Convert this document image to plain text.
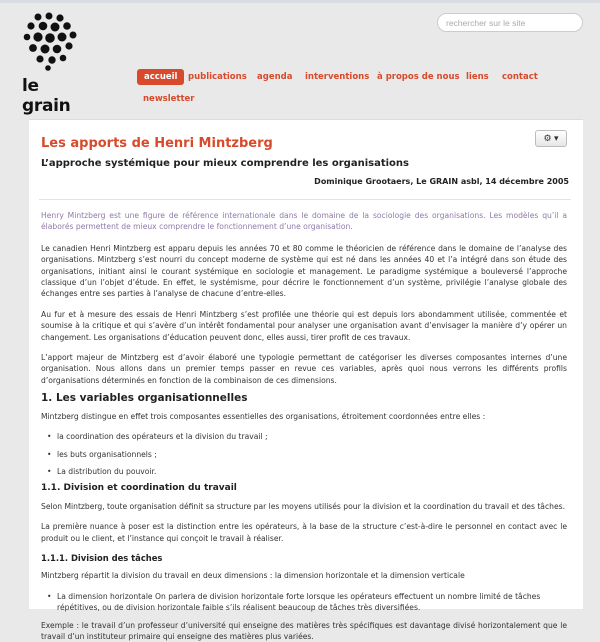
le grain
rechercher sur le site
accueil	publications agenda interventions à propos de nous liens contact
newsletter
Les apports de Henri Mintzberg
L’approche systémique pour mieux comprendre les organisations
Dominique Grootaers, Le GRAIN asbl, 14 décembre 2005
⚙ ▾

Henry Mintzberg est une figure de référence internationale dans le domaine de la sociologie des organisations. Les modèles qu’il a élaborés permettent de mieux comprendre le fonctionnement d’une organisation.

Le canadien Henri Mintzberg est apparu depuis les années 70 et 80 comme le théoricien de référence dans le domaine de l’analyse des organisations. Mintzberg s’est nourri du concept moderne de système qui est né dans les années 40 et l’a intégré dans son étude des organisations, initiant ainsi le courant systémique en sociologie et management. Le paradigme systémique a bouleversé l’approche classique d’un l’objet d’étude. En effet, le systémisme, pour décrire le fonctionnement d’un système, privilégie l’analyse globale des échanges entre ses parties à l’analyse de chacune d’entre-elles.

Au fur et à mesure des essais de Henri Mintzberg s’est profilée une théorie qui est depuis lors abondamment utilisée, commentée et soumise à la critique et qui s’avère d’un intérêt fondamental pour analyser une organisation avant d’envisager la manière d’y opérer un changement. Les organisations d’éducation peuvent donc, elles aussi, tirer profit de ces travaux.

L’apport majeur de Mintzberg est d’avoir élaboré une typologie permettant de catégoriser les diverses composantes internes d’une organisation. Nous allons dans un premier temps passer en revue ces variables, après quoi nous verrons les différents profils d’organisations déterminés en fonction de la combinaison de ces dimensions.

1. Les variables organisationnelles

Mintzberg distingue en effet trois composantes essentielles des organisations, étroitement coordonnées entre elles :

• la coordination des opérateurs et la division du travail ;
• les buts organisationnels ;
• La distribution du pouvoir.
1.1. Division et coordination du travail

Selon Mintzberg, toute organisation définit sa structure par les moyens utilisés pour la division et la coordination du travail et des tâches.

La première nuance à poser est la distinction entre les opérateurs, à la base de la structure c’est-à-dire le personnel en contact avec le produit ou le client, et l’instance qui conçoit le travail à réaliser.

1.1.1. Division des tâches

Mintzberg répartit la division du travail en deux dimensions : la dimension horizontale et la dimension verticale

• La dimension horizontale On parlera de division horizontale forte lorsque les opérateurs effectuent un nombre limité de tâches répétitives, ou de division horizontale faible s’ils réalisent beaucoup de tâches très diversifiées.

Exemple : le travail d’un professeur d’université qui enseigne des matières très spécifiques est davantage divisé horizontalement que le travail d’un instituteur primaire qui enseigne des matières plus variées.
